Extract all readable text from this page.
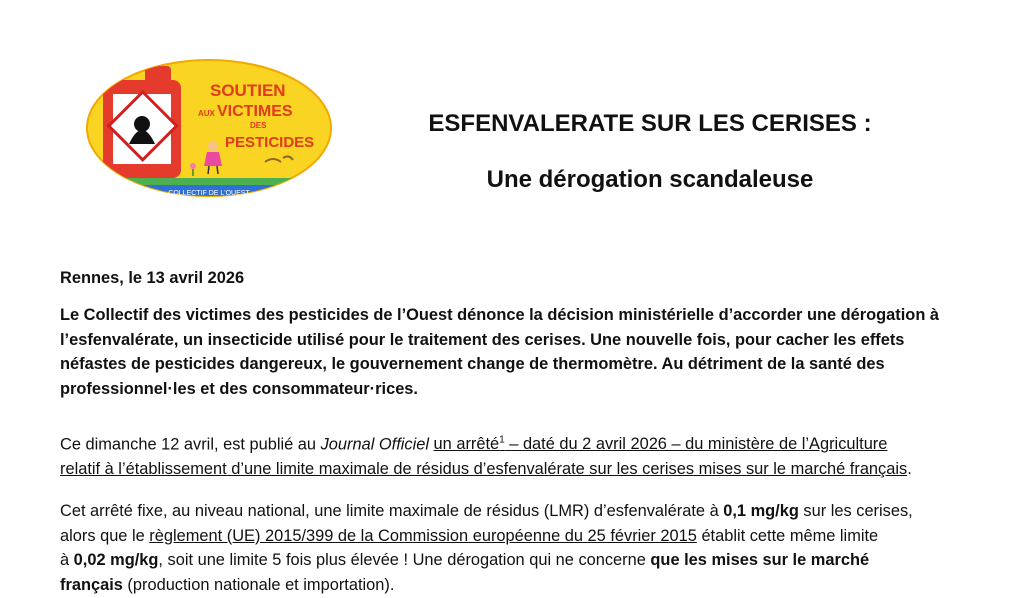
SOUTIEN
AUX VICTIMES
DES
PESTICIDES
COLLECTIF DE L'OUEST
ESFENVALERATE SUR LES CERISES :
Une dérogation scandaleuse
Rennes, le 13 avril 2026
Le Collectif des victimes des pesticides de l’Ouest dénonce la décision ministérielle d’accorder une dérogation à
l’esfenvalérate, un insecticide utilisé pour le traitement des cerises. Une nouvelle fois, pour cacher les effets
néfastes de pesticides dangereux, le gouvernement change de thermomètre. Au détriment de la santé des
professionnel·les et des consommateur·rices.
Ce dimanche 12 avril, est publié au Journal Officiel un arrêté$^1$ – daté du 2 avril 2026 – du ministère de l’Agriculture
relatif à l’établissement d’une limite maximale de résidus d’esfenvalérate sur les cerises mises sur le marché français.
Cet arrêté fixe, au niveau national, une limite maximale de résidus (LMR) d’esfenvalérate à 0,1 mg/kg sur les cerises,
alors que le règlement (UE) 2015/399 de la Commission européenne du 25 février 2015 établit cette même limite
à 0,02 mg/kg, soit une limite 5 fois plus élevée ! Une dérogation qui ne concerne que les mises sur le marché
français (production nationale et importation).
